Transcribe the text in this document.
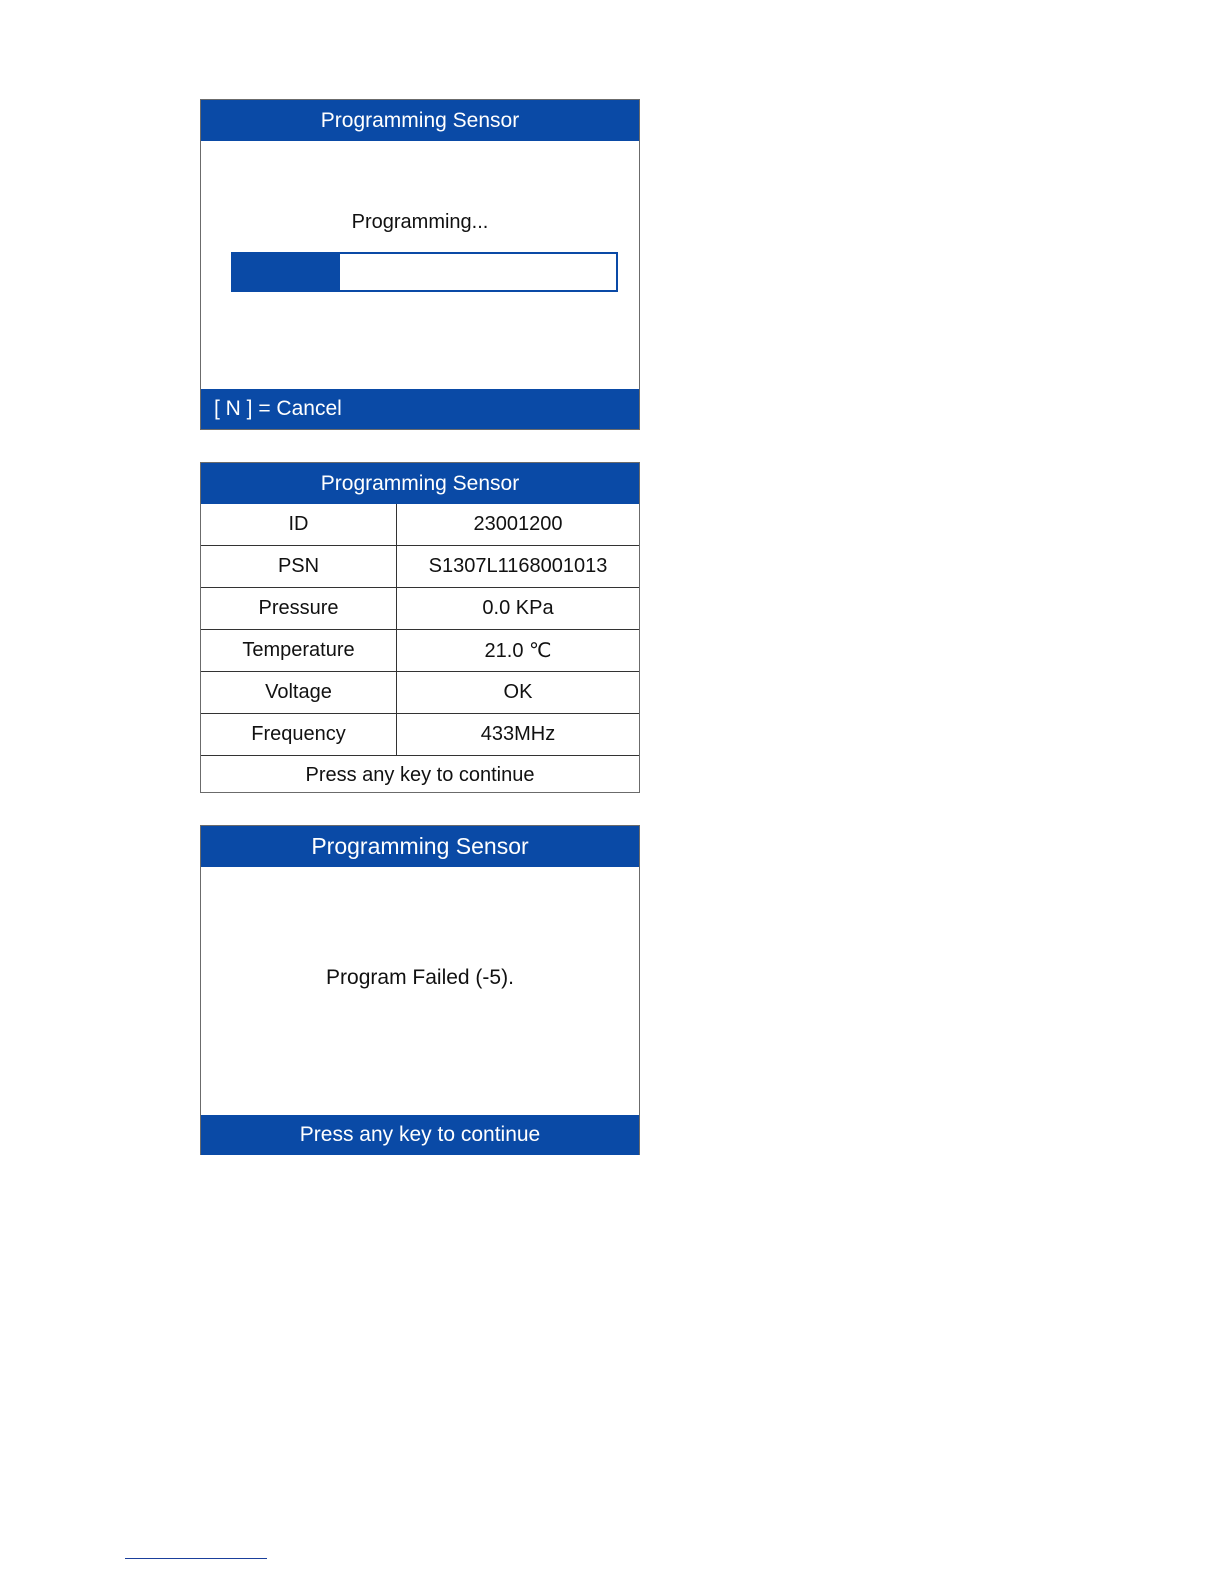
Programming Sensor
Programming...
[ N ] = Cancel
Programming Sensor
ID	23001200
PSN	S1307L1168001013
Pressure	0.0 KPa
Temperature	21.0 ℃
Voltage	OK
Frequency	433MHz
Press any key to continue
Programming Sensor
Program Failed (-5).
Press any key to continue
